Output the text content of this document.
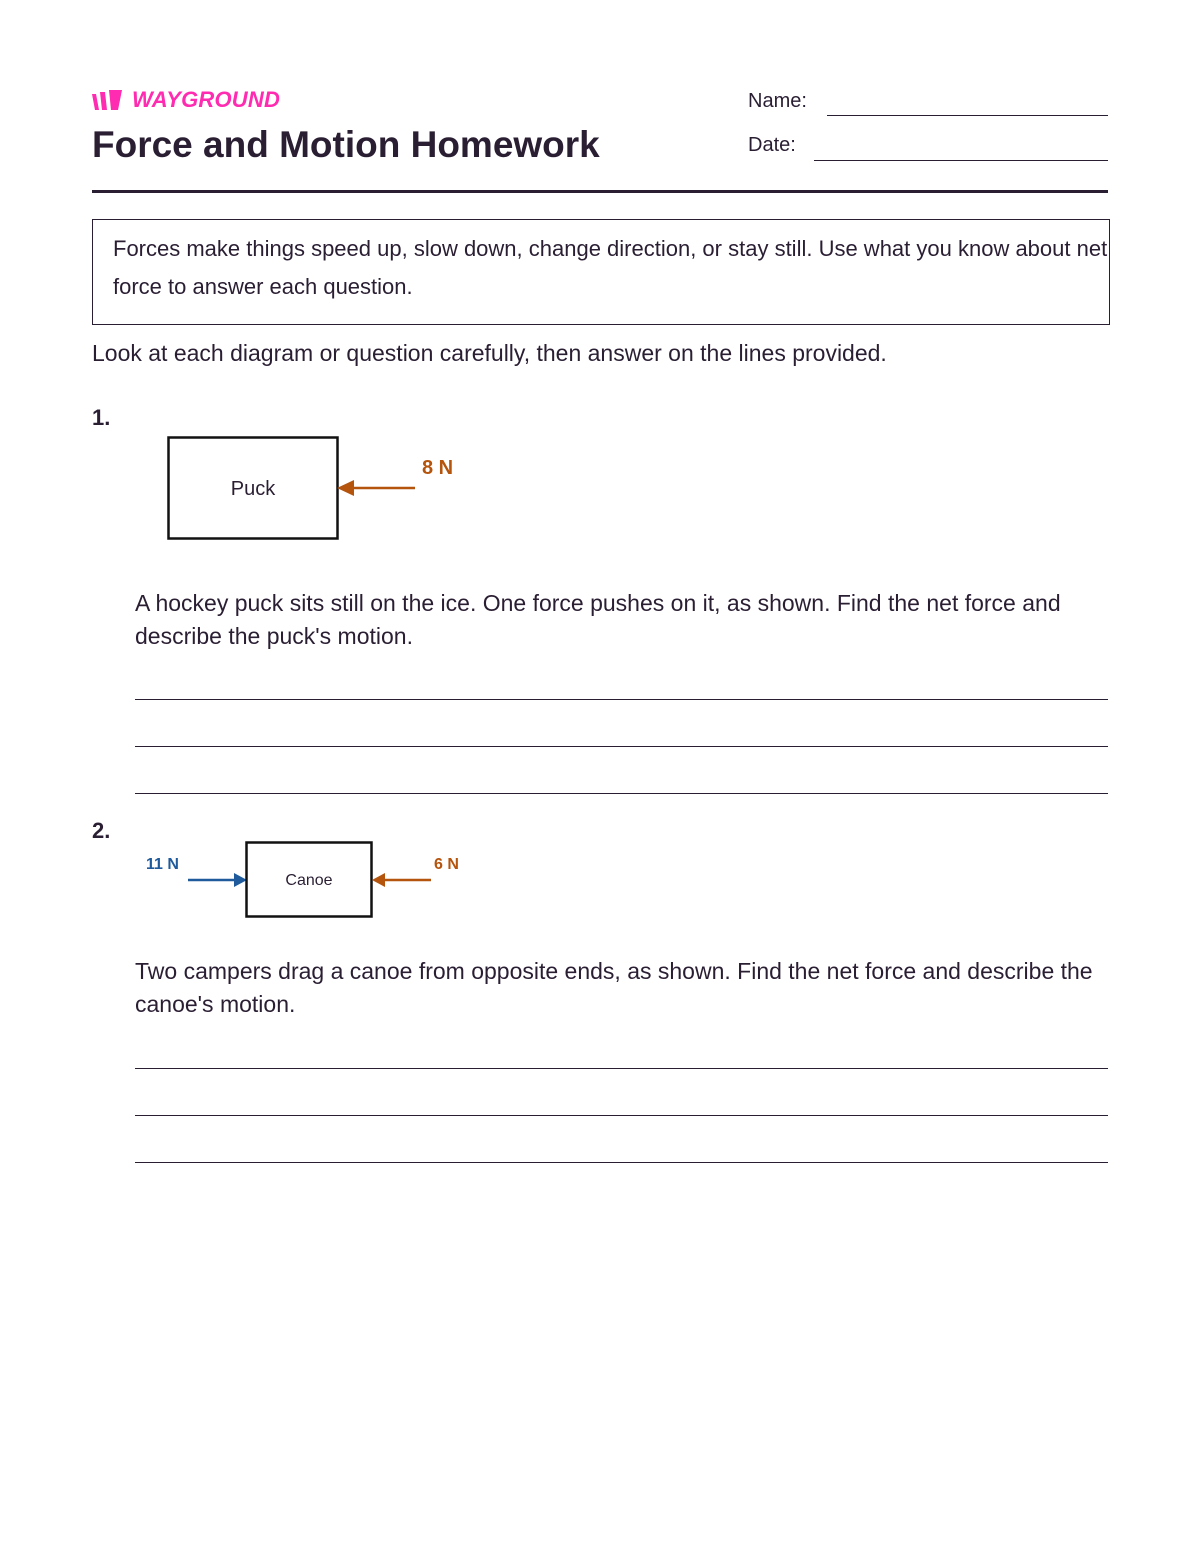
WAYGROUND
Force and Motion Homework
Name:
Date:
Forces make things speed up, slow down, change direction, or stay still. Use what you know about net force to answer each question.
Look at each diagram or question carefully, then answer on the lines provided.
1.
Puck
8 N
A hockey puck sits still on the ice. One force pushes on it, as shown. Find the net force and describe the puck's motion.
2.
11 N
Canoe
6 N
Two campers drag a canoe from opposite ends, as shown. Find the net force and describe the canoe's motion.
